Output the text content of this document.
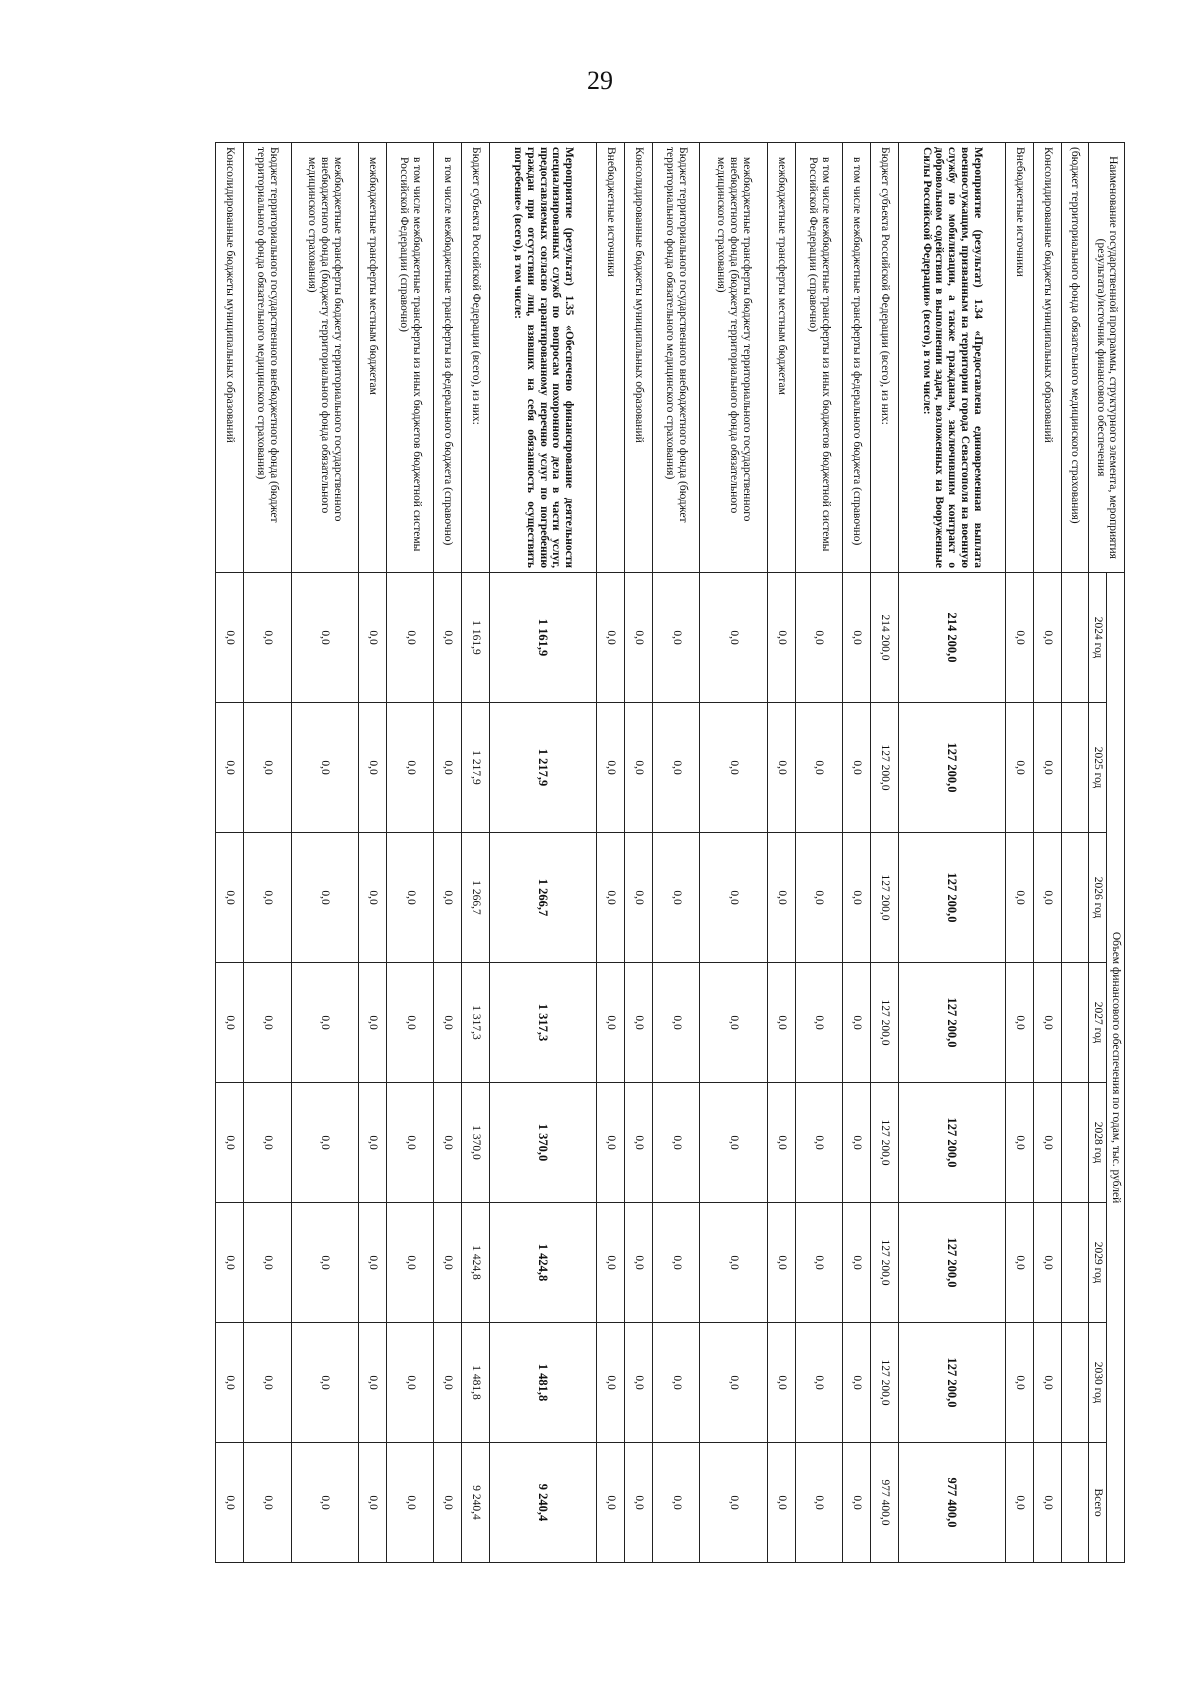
29
Наименование государственной программы, структурного элемента, мероприятия (результата)/источник финансового обеспечения	Объем финансового обеспечения по годам, тыс. рублей							
	2024 год	2025 год	2026 год	2027 год	2028 год	2029 год	2030 год	Всего
(бюджет территориального фонда обязательного медицинского страхования)								
Консолидированные бюджеты муниципальных образований	0,0	0,0	0,0	0,0	0,0	0,0	0,0	0,0
Внебюджетные источники	0,0	0,0	0,0	0,0	0,0	0,0	0,0	0,0
Мероприятие (результат) 1.34 «Предоставлена единовременная выплата военнослужащим, призванным на территории города Севастополя на военную службу по мобилизации, а также гражданам, заключившим контракт о добровольном содействии в выполнении задач, возложенных на Вооруженные Силы Российской Федерации» (всего), в том числе:	214 200,0	127 200,0	127 200,0	127 200,0	127 200,0	127 200,0	127 200,0	977 400,0
Бюджет субъекта Российской Федерации (всего), из них:	214 200,0	127 200,0	127 200,0	127 200,0	127 200,0	127 200,0	127 200,0	977 400,0
в том числе межбюджетные трансферты из федерального бюджета (справочно)	0,0	0,0	0,0	0,0	0,0	0,0	0,0	0,0
в том числе межбюджетные трансферты из иных бюджетов бюджетной системы Российской Федерации (справочно)	0,0	0,0	0,0	0,0	0,0	0,0	0,0	0,0
межбюджетные трансферты местным бюджетам	0,0	0,0	0,0	0,0	0,0	0,0	0,0	0,0
межбюджетные трансферты бюджету территориального государственного внебюджетного фонда (бюджету территориального фонда обязательного медицинского страхования)	0,0	0,0	0,0	0,0	0,0	0,0	0,0	0,0
Бюджет территориального государственного внебюджетного фонда (бюджет территориального фонда обязательного медицинского страхования)	0,0	0,0	0,0	0,0	0,0	0,0	0,0	0,0
Консолидированные бюджеты муниципальных образований	0,0	0,0	0,0	0,0	0,0	0,0	0,0	0,0
Внебюджетные источники	0,0	0,0	0,0	0,0	0,0	0,0	0,0	0,0
Мероприятие (результат) 1.35 «Обеспечено финансирование деятельности специализированных служб по вопросам похоронного дела в части услуг, предоставляемых согласно гарантированному перечню услуг по погребению граждан при отсутствии лиц, взявших на себя обязанность осуществить погребение» (всего), в том числе:	1 161,9	1 217,9	1 266,7	1 317,3	1 370,0	1 424,8	1 481,8	9 240,4
Бюджет субъекта Российской Федерации (всего), из них:	1 161,9	1 217,9	1 266,7	1 317,3	1 370,0	1 424,8	1 481,8	9 240,4
в том числе межбюджетные трансферты из федерального бюджета (справочно)	0,0	0,0	0,0	0,0	0,0	0,0	0,0	0,0
в том числе межбюджетные трансферты из иных бюджетов бюджетной системы Российской Федерации (справочно)	0,0	0,0	0,0	0,0	0,0	0,0	0,0	0,0
межбюджетные трансферты местным бюджетам	0,0	0,0	0,0	0,0	0,0	0,0	0,0	0,0
межбюджетные трансферты бюджету территориального государственного внебюджетного фонда (бюджету территориального фонда обязательного медицинского страхования)	0,0	0,0	0,0	0,0	0,0	0,0	0,0	0,0
Бюджет территориального государственного внебюджетного фонда (бюджет территориального фонда обязательного медицинского страхования)	0,0	0,0	0,0	0,0	0,0	0,0	0,0	0,0
Консолидированные бюджеты муниципальных образований	0,0	0,0	0,0	0,0	0,0	0,0	0,0	0,0
